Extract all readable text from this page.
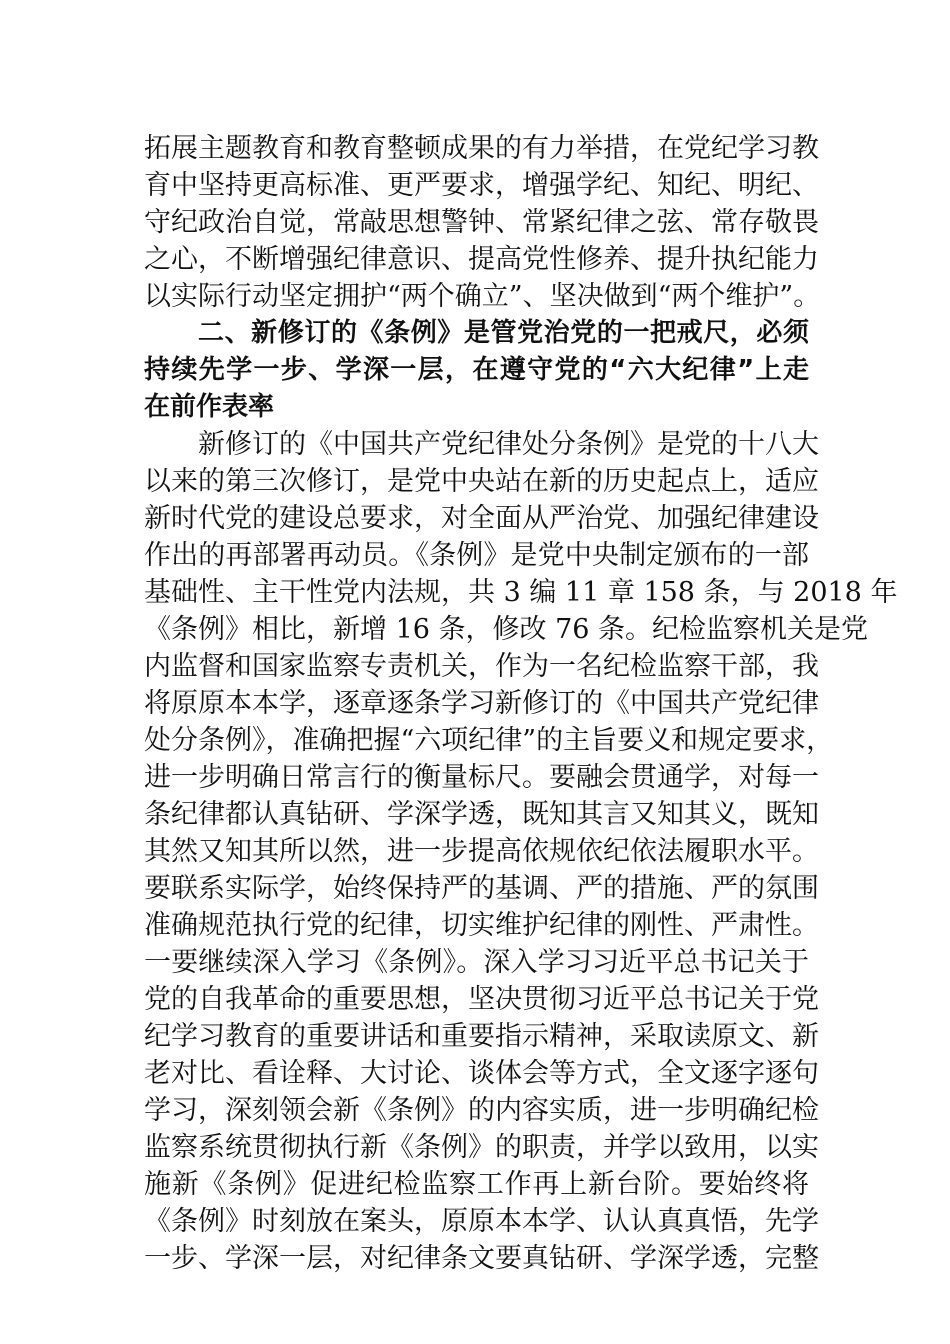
拓展主题教育和教育整顿成果的有力举措，在党纪学习教
育中坚持更高标准、更严要求，增强学纪、知纪、明纪、
守纪政治自觉，常敲思想警钟、常紧纪律之弦、常存敬畏
之心，不断增强纪律意识、提高党性修养、提升执纪能力
以实际行动坚定拥护“两个确立”、坚决做到“两个维护”。
二、新修订的《条例》是管党治党的一把戒尺，必须
持续先学一步、学深一层，在遵守党的“六大纪律”上走
在前作表率
新修订的《中国共产党纪律处分条例》是党的十八大
以来的第三次修订，是党中央站在新的历史起点上，适应
新时代党的建设总要求，对全面从严治党、加强纪律建设
作出的再部署再动员。《条例》是党中央制定颁布的一部
基础性、主干性党内法规，共 3 编 11 章 158 条，与 2018 年
《条例》相比，新增 16 条，修改 76 条。纪检监察机关是党
内监督和国家监察专责机关，作为一名纪检监察干部，我
将原原本本学，逐章逐条学习新修订的《中国共产党纪律
处分条例》，准确把握“六项纪律”的主旨要义和规定要求，
进一步明确日常言行的衡量标尺。要融会贯通学，对每一
条纪律都认真钻研、学深学透，既知其言又知其义，既知
其然又知其所以然，进一步提高依规依纪依法履职水平。
要联系实际学，始终保持严的基调、严的措施、严的氛围
准确规范执行党的纪律，切实维护纪律的刚性、严肃性。
一要继续深入学习《条例》。深入学习习近平总书记关于
党的自我革命的重要思想，坚决贯彻习近平总书记关于党
纪学习教育的重要讲话和重要指示精神，采取读原文、新
老对比、看诠释、大讨论、谈体会等方式，全文逐字逐句
学习，深刻领会新《条例》的内容实质，进一步明确纪检
监察系统贯彻执行新《条例》的职责，并学以致用，以实
施新《条例》促进纪检监察工作再上新台阶。要始终将
《条例》时刻放在案头，原原本本学、认认真真悟，先学
一步、学深一层，对纪律条文要真钻研、学深学透，完整
